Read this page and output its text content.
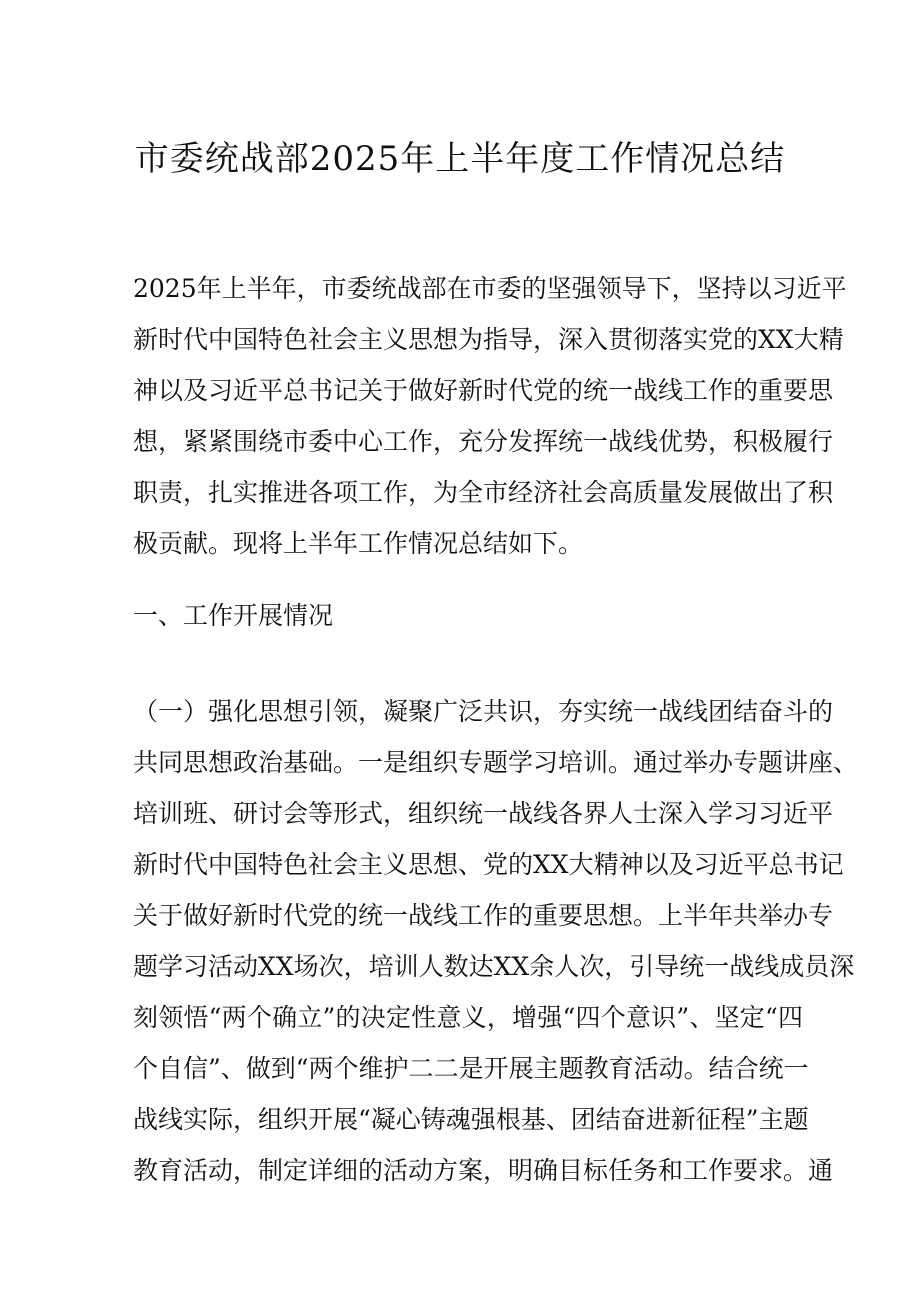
市委统战部2025年上半年度工作情况总结
2025年上半年，市委统战部在市委的坚强领导下，坚持以习近平
新时代中国特色社会主义思想为指导，深入贯彻落实党的XX大精
神以及习近平总书记关于做好新时代党的统一战线工作的重要思
想，紧紧围绕市委中心工作，充分发挥统一战线优势，积极履行
职责，扎实推进各项工作，为全市经济社会高质量发展做出了积
极贡献。现将上半年工作情况总结如下。
一、工作开展情况
（一）强化思想引领，凝聚广泛共识，夯实统一战线团结奋斗的
共同思想政治基础。一是组织专题学习培训。通过举办专题讲座、
培训班、研讨会等形式，组织统一战线各界人士深入学习习近平
新时代中国特色社会主义思想、党的XX大精神以及习近平总书记
关于做好新时代党的统一战线工作的重要思想。上半年共举办专
题学习活动XX场次，培训人数达XX余人次，引导统一战线成员深
刻领悟“两个确立”的决定性意义，增强“四个意识”、坚定“四
个自信”、做到“两个维护二二是开展主题教育活动。结合统一
战线实际，组织开展“凝心铸魂强根基、团结奋进新征程”主题
教育活动，制定详细的活动方案，明确目标任务和工作要求。通
